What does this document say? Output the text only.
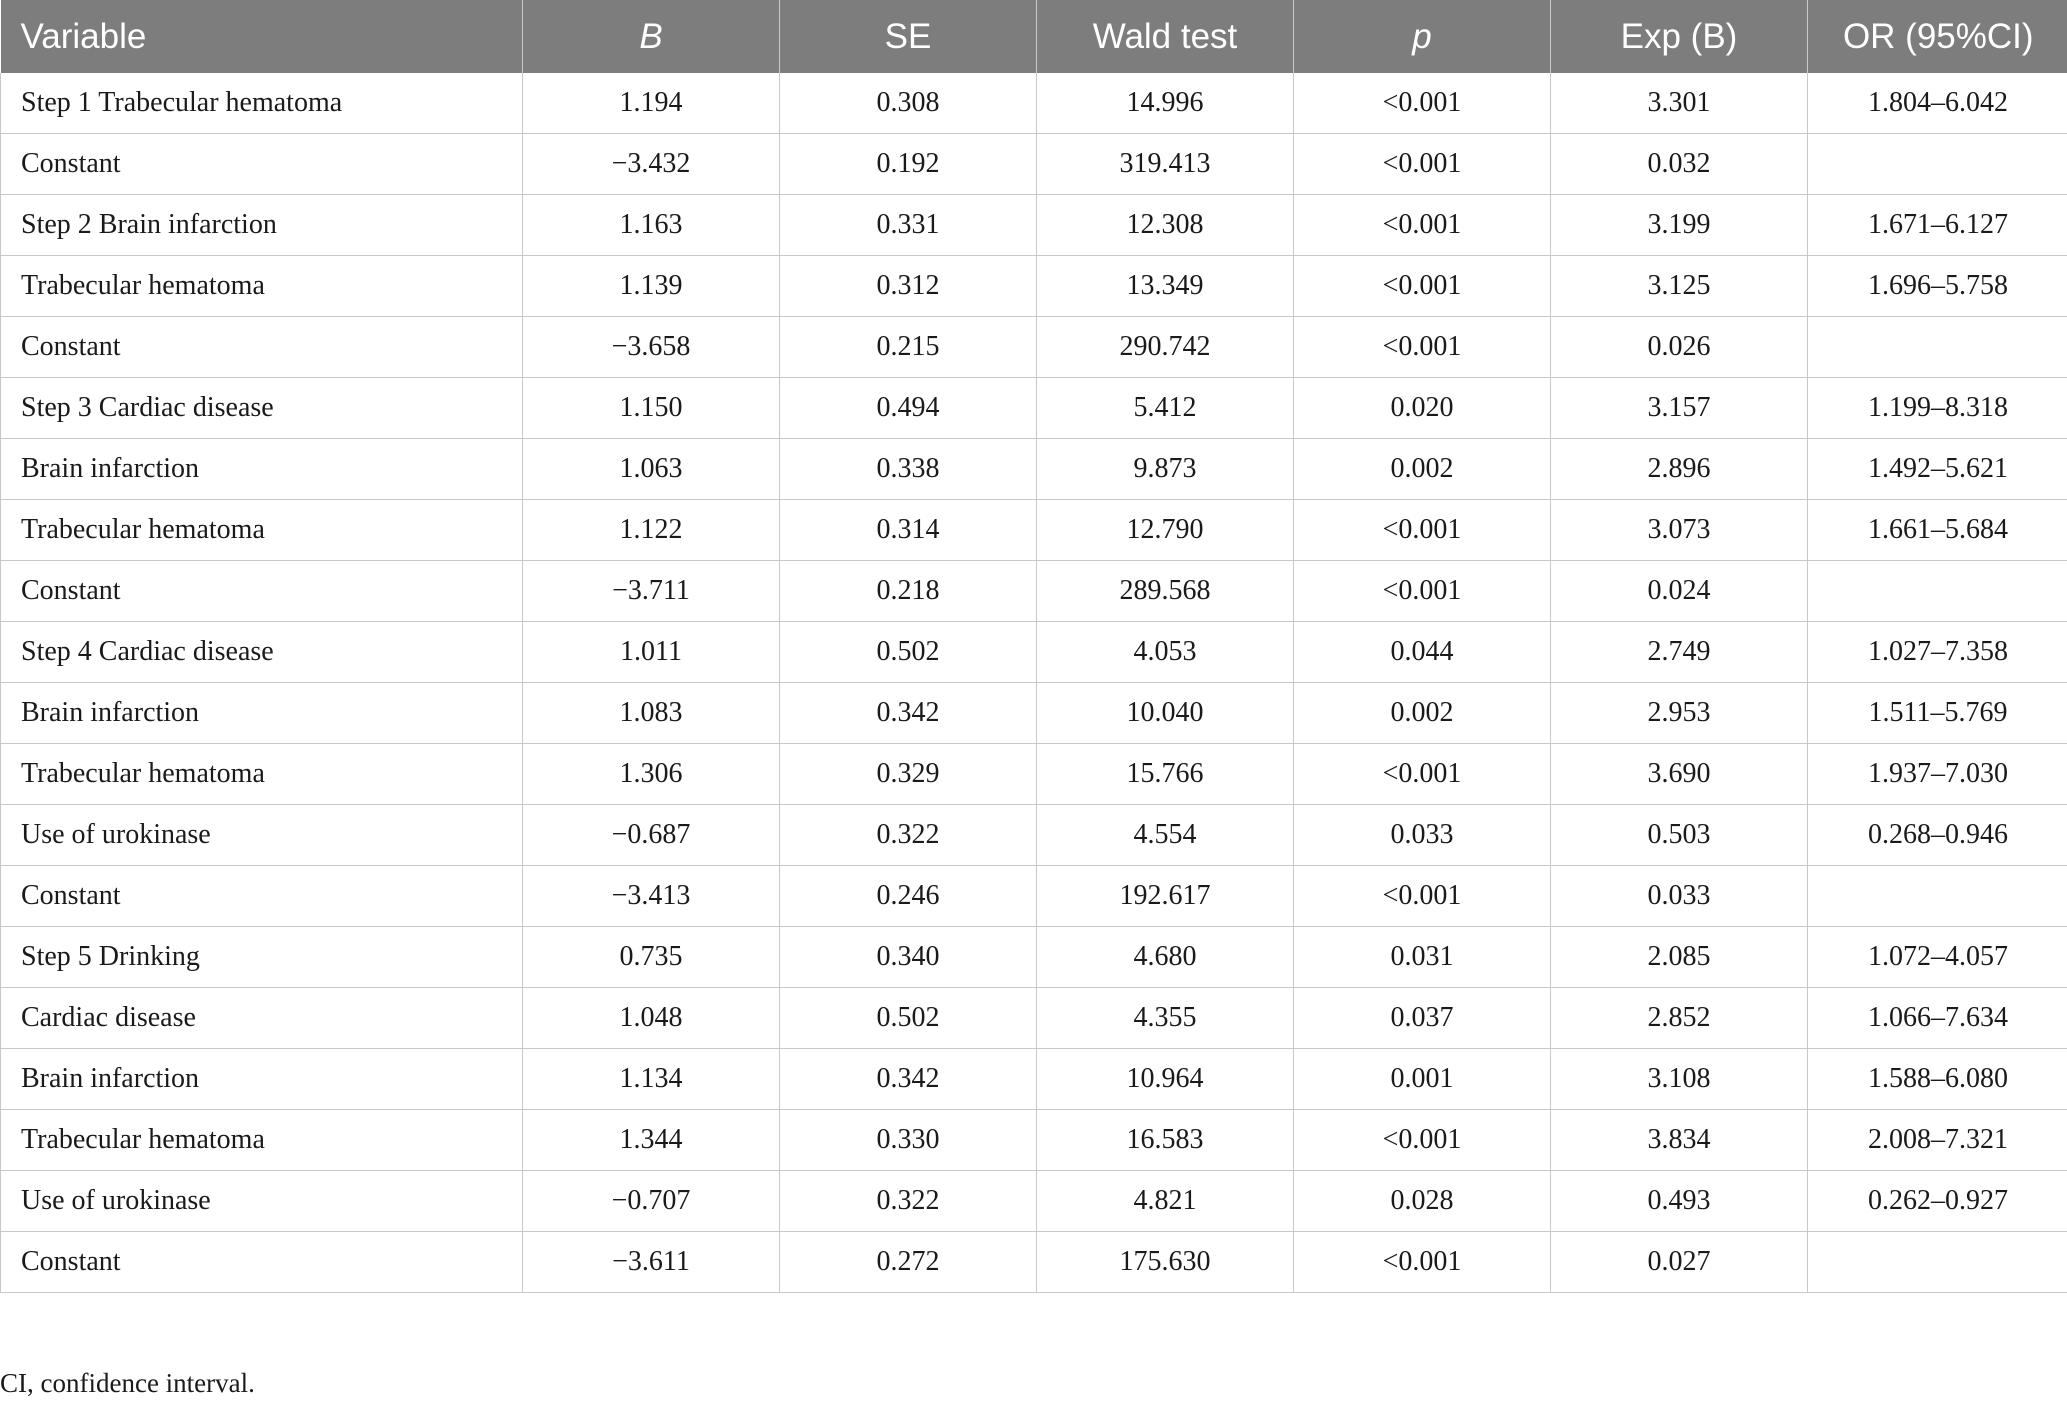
Variable	B	SE	Wald test	p	Exp (B)	OR (95%CI)
Step 1 Trabecular hematoma	1.194	0.308	14.996	<0.001	3.301	1.804–6.042
Constant	−3.432	0.192	319.413	<0.001	0.032	
Step 2 Brain infarction	1.163	0.331	12.308	<0.001	3.199	1.671–6.127
Trabecular hematoma	1.139	0.312	13.349	<0.001	3.125	1.696–5.758
Constant	−3.658	0.215	290.742	<0.001	0.026	
Step 3 Cardiac disease	1.150	0.494	5.412	0.020	3.157	1.199–8.318
Brain infarction	1.063	0.338	9.873	0.002	2.896	1.492–5.621
Trabecular hematoma	1.122	0.314	12.790	<0.001	3.073	1.661–5.684
Constant	−3.711	0.218	289.568	<0.001	0.024	
Step 4 Cardiac disease	1.011	0.502	4.053	0.044	2.749	1.027–7.358
Brain infarction	1.083	0.342	10.040	0.002	2.953	1.511–5.769
Trabecular hematoma	1.306	0.329	15.766	<0.001	3.690	1.937–7.030
Use of urokinase	−0.687	0.322	4.554	0.033	0.503	0.268–0.946
Constant	−3.413	0.246	192.617	<0.001	0.033	
Step 5 Drinking	0.735	0.340	4.680	0.031	2.085	1.072–4.057
Cardiac disease	1.048	0.502	4.355	0.037	2.852	1.066–7.634
Brain infarction	1.134	0.342	10.964	0.001	3.108	1.588–6.080
Trabecular hematoma	1.344	0.330	16.583	<0.001	3.834	2.008–7.321
Use of urokinase	−0.707	0.322	4.821	0.028	0.493	0.262–0.927
Constant	−3.611	0.272	175.630	<0.001	0.027	

CI, confidence interval.
